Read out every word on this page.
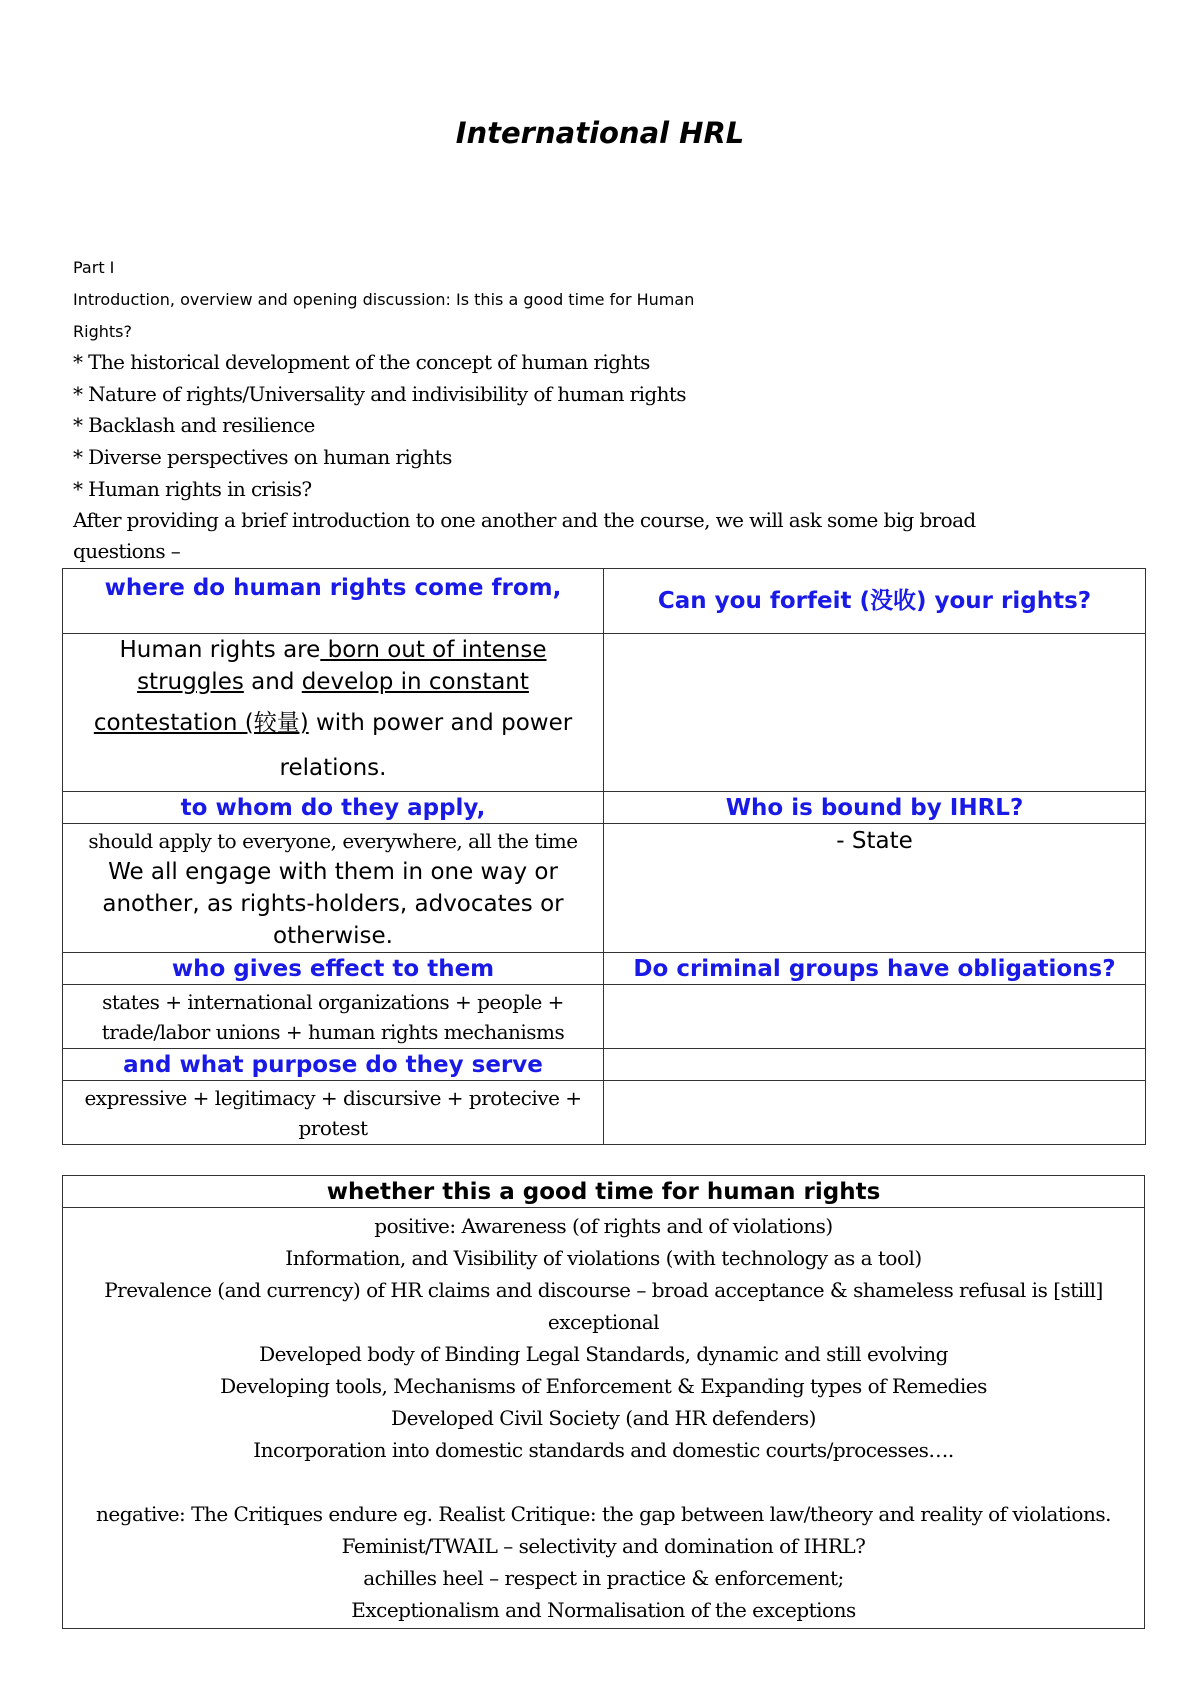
International HRL
Part I
Introduction, overview and opening discussion: Is this a good time for Human
Rights?
* The historical development of the concept of human rights
* Nature of rights/Universality and indivisibility of human rights
* Backlash and resilience
* Diverse perspectives on human rights
* Human rights in crisis?
After providing a brief introduction to one another and the course, we will ask some big broad
questions –
where do human rights come from,	Can you forfeit (没收) your rights?

Human rights are born out of intense
struggles and develop in constant
contestation (较量) with power and power
relations.	

to whom do they apply,	Who is bound by IHRL?

should apply to everyone, everywhere, all the time
We all engage with them in one way or
another, as rights-holders, advocates or
otherwise.	- State

who gives effect to them	Do criminal groups have obligations?

states + international organizations + people +
trade/labor unions + human rights mechanisms	

and what purpose do they serve	

expressive + legitimacy + discursive + protecive +
protest	

whether this a good time for human rights

positive: Awareness (of rights and of violations)
Information, and Visibility of violations (with technology as a tool)
Prevalence (and currency) of HR claims and discourse – broad acceptance & shameless refusal is [still]
exceptional
Developed body of Binding Legal Standards, dynamic and still evolving
Developing tools, Mechanisms of Enforcement & Expanding types of Remedies
Developed Civil Society (and HR defenders)
Incorporation into domestic standards and domestic courts/processes….
negative: The Critiques endure eg. Realist Critique: the gap between law/theory and reality of violations.
Feminist/TWAIL – selectivity and domination of IHRL?
achilles heel – respect in practice & enforcement;
Exceptionalism and Normalisation of the exceptions
